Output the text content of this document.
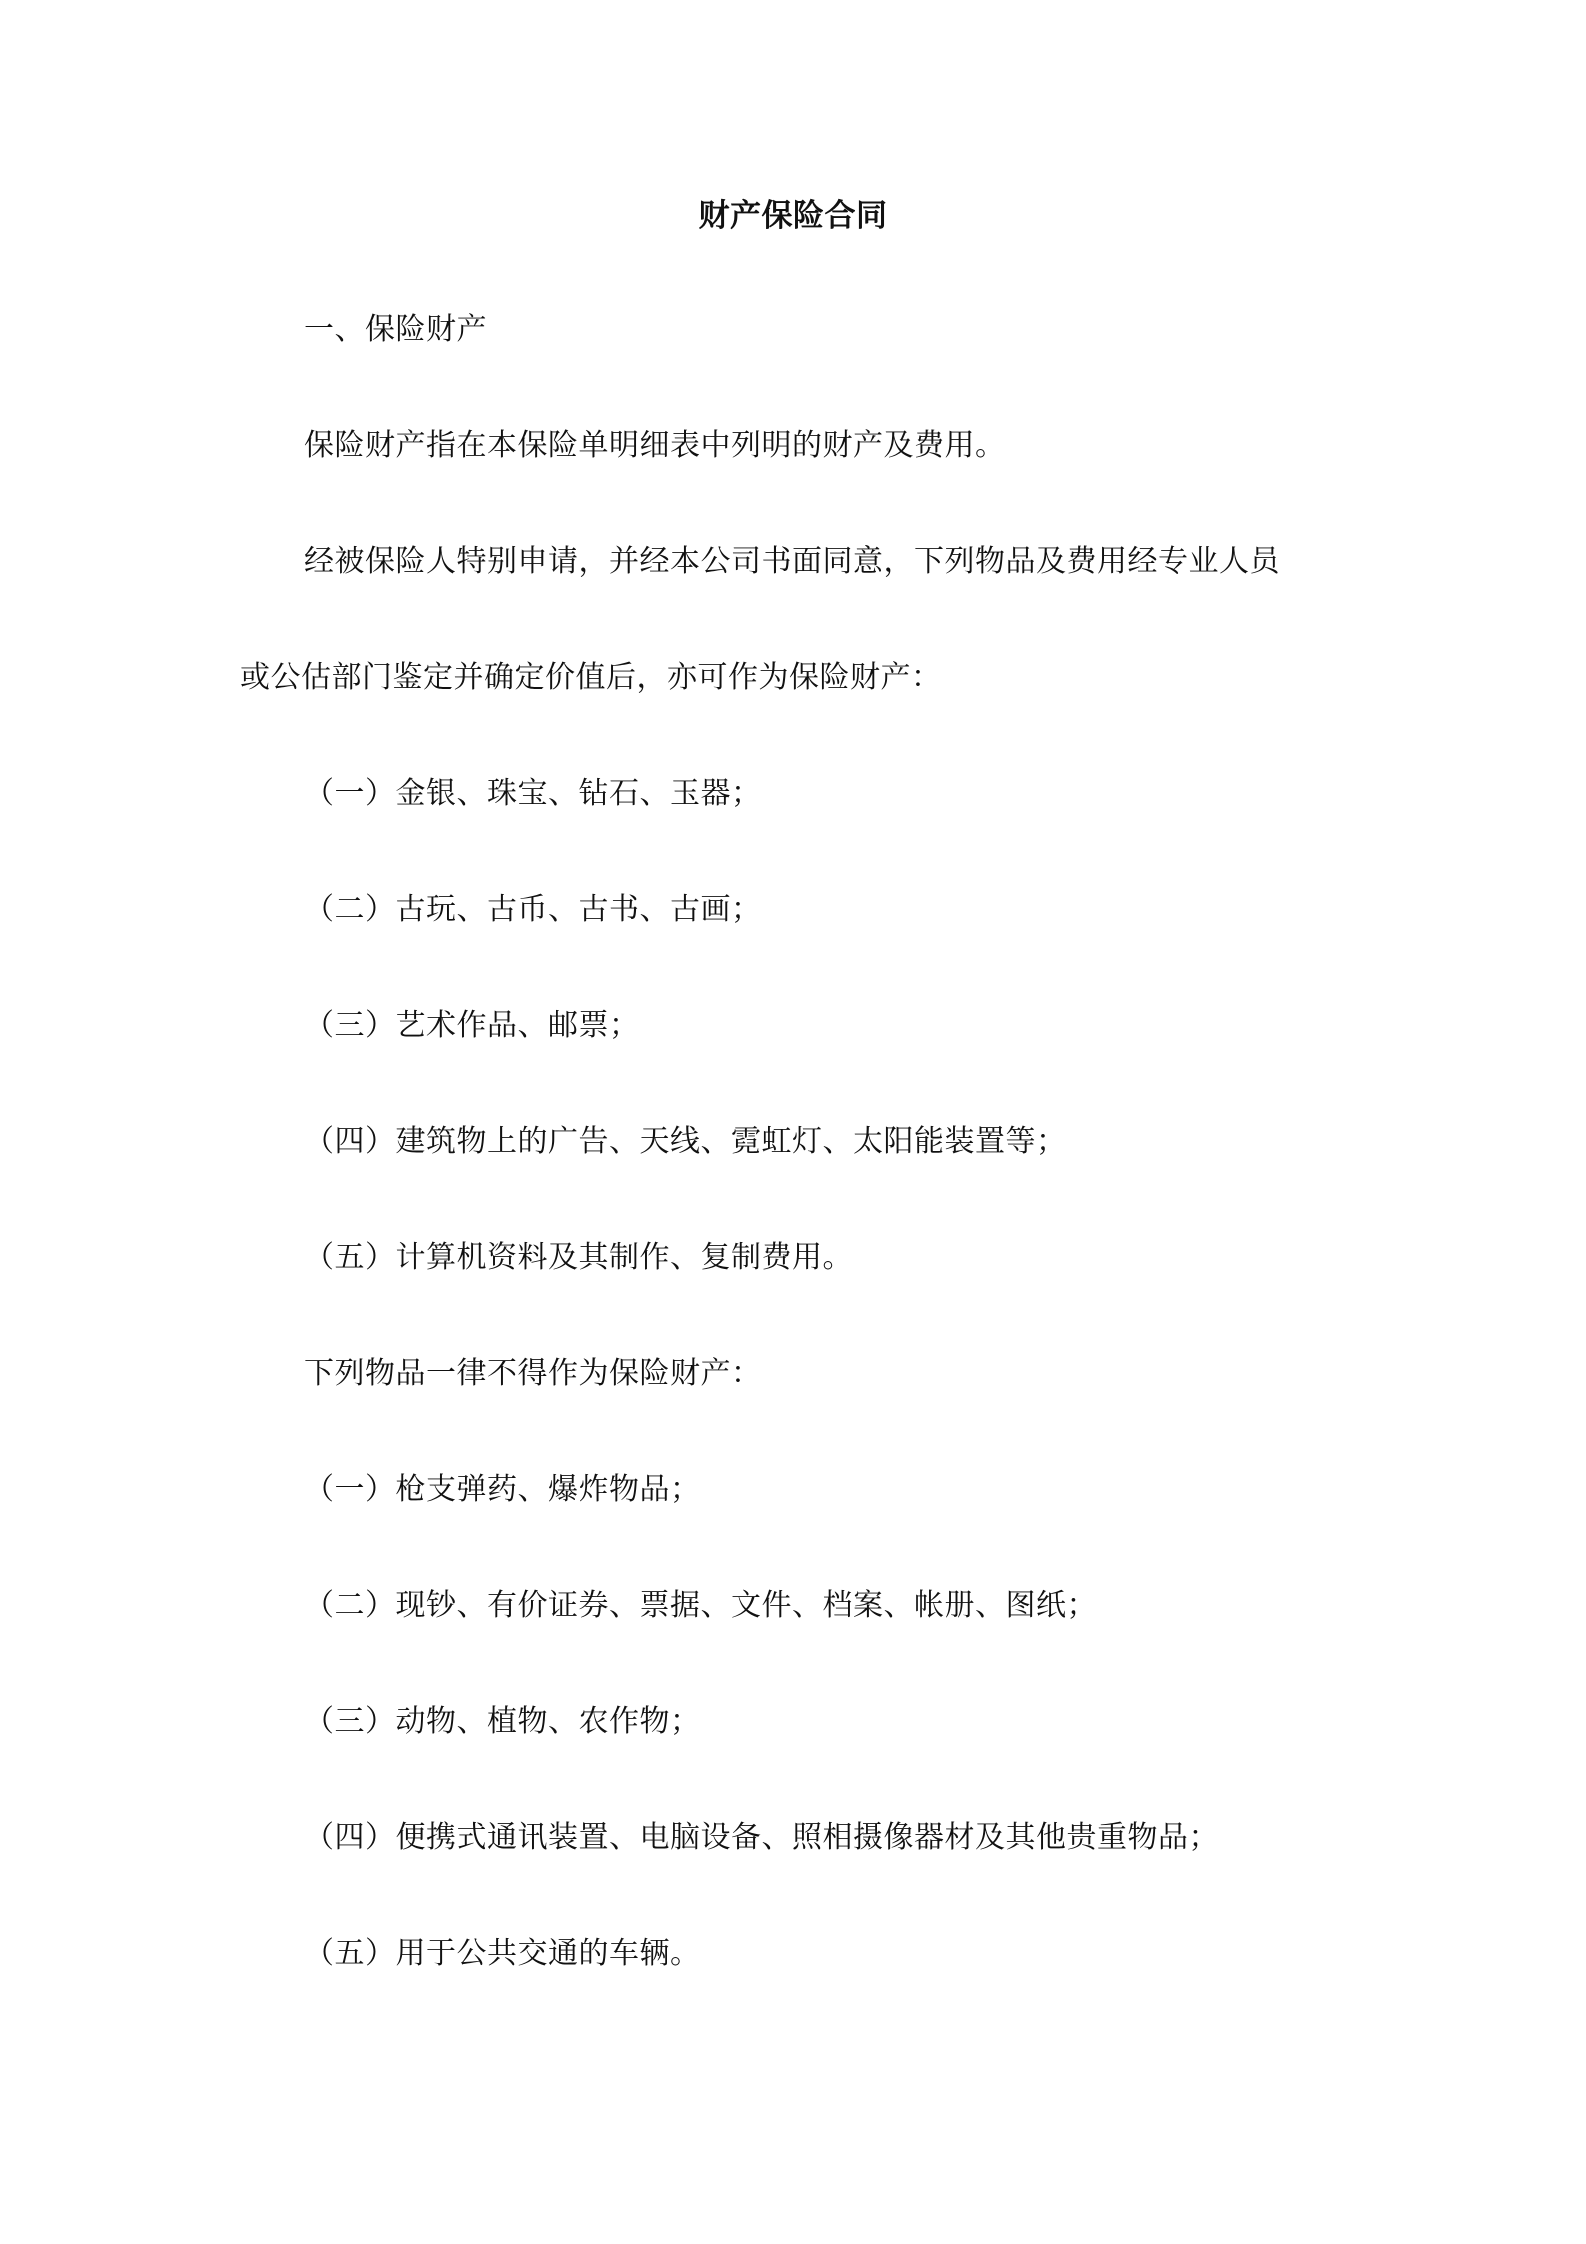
财产保险合同
一、保险财产
保险财产指在本保险单明细表中列明的财产及费用。
经被保险人特别申请，并经本公司书面同意，下列物品及费用经专业人员
或公估部门鉴定并确定价值后，亦可作为保险财产：
（一）金银、珠宝、钻石、玉器；
（二）古玩、古币、古书、古画；
（三）艺术作品、邮票；
（四）建筑物上的广告、天线、霓虹灯、太阳能装置等；
（五）计算机资料及其制作、复制费用。
下列物品一律不得作为保险财产：
（一）枪支弹药、爆炸物品；
（二）现钞、有价证券、票据、文件、档案、帐册、图纸；
（三）动物、植物、农作物；
（四）便携式通讯装置、电脑设备、照相摄像器材及其他贵重物品；
（五）用于公共交通的车辆。
